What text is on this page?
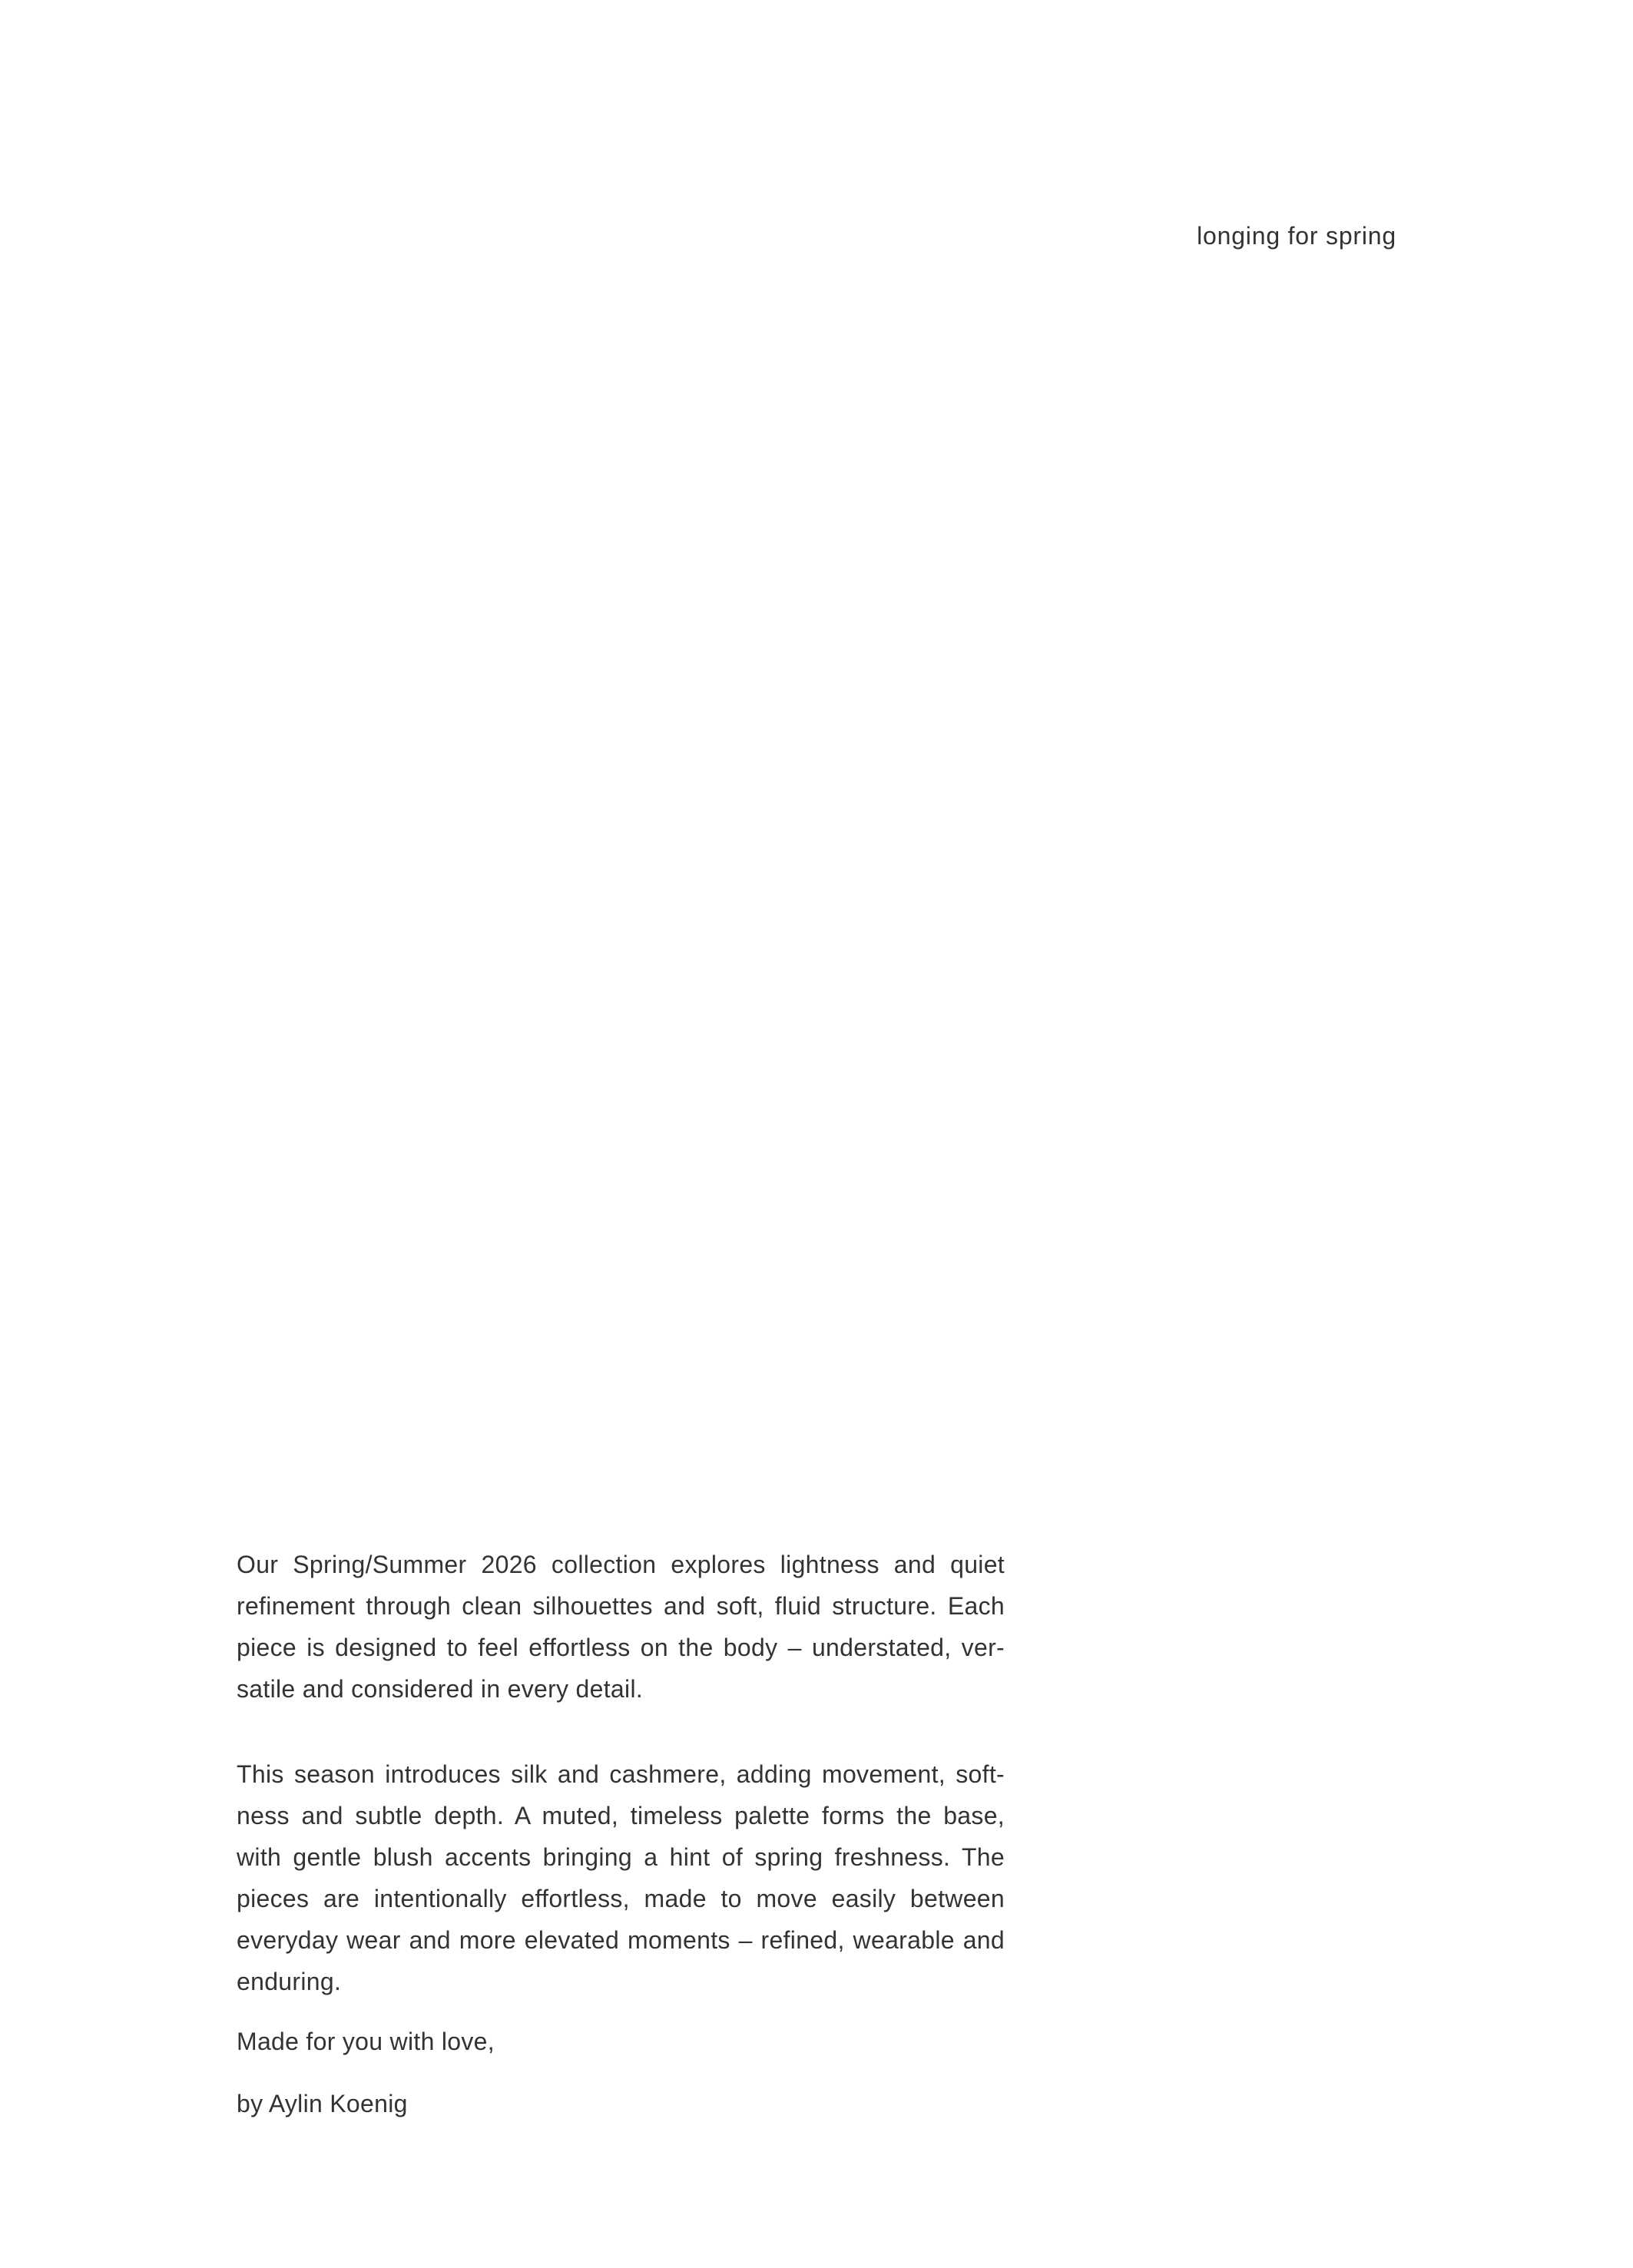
longing for spring

Our Spring/Summer 2026 collection explores lightness and quiet
refinement through clean silhouettes and soft, fluid structure. Each
piece is designed to feel effortless on the body – understated, ver-
satile and considered in every detail.

This season introduces silk and cashmere, adding movement, soft-
ness and subtle depth. A muted, timeless palette forms the base,
with gentle blush accents bringing a hint of spring freshness. The
pieces are intentionally effortless, made to move easily between
everyday wear and more elevated moments – refined, wearable and
enduring.

Made for you with love,

by Aylin Koenig
